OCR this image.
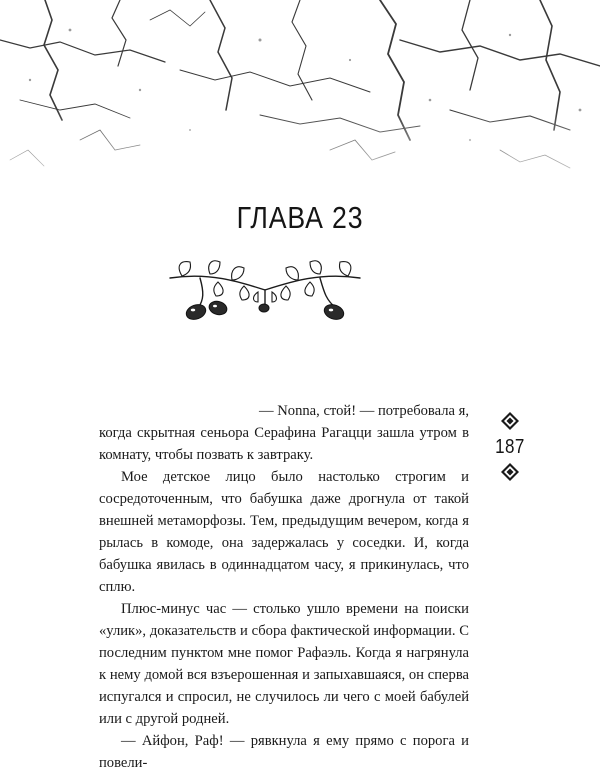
ГЛАВА 23
187

— Nonna, стой! — потребовала я, когда скрытная сеньора Серафина Рагацци зашла утром в комнату, чтобы позвать к завтраку.

Мое детское лицо было настолько строгим и сосредоточенным, что бабушка даже дрогнула от такой внешней метаморфозы. Тем, предыдущим вечером, когда я рылась в комоде, она задержалась у соседки. И, когда бабушка явилась в одиннадцатом часу, я прикинулась, что сплю.

Плюс-минус час — столько ушло времени на поиски «улик», доказательств и сбора фактической информации. С последним пунктом мне помог Рафаэль. Когда я нагрянула к нему домой вся взъерошенная и запыхавшаяся, он сперва испугался и спросил, не случилось ли чего с моей бабулей или с другой родней.

— Айфон, Раф! — рявкнула я ему прямо с порога и повели-
